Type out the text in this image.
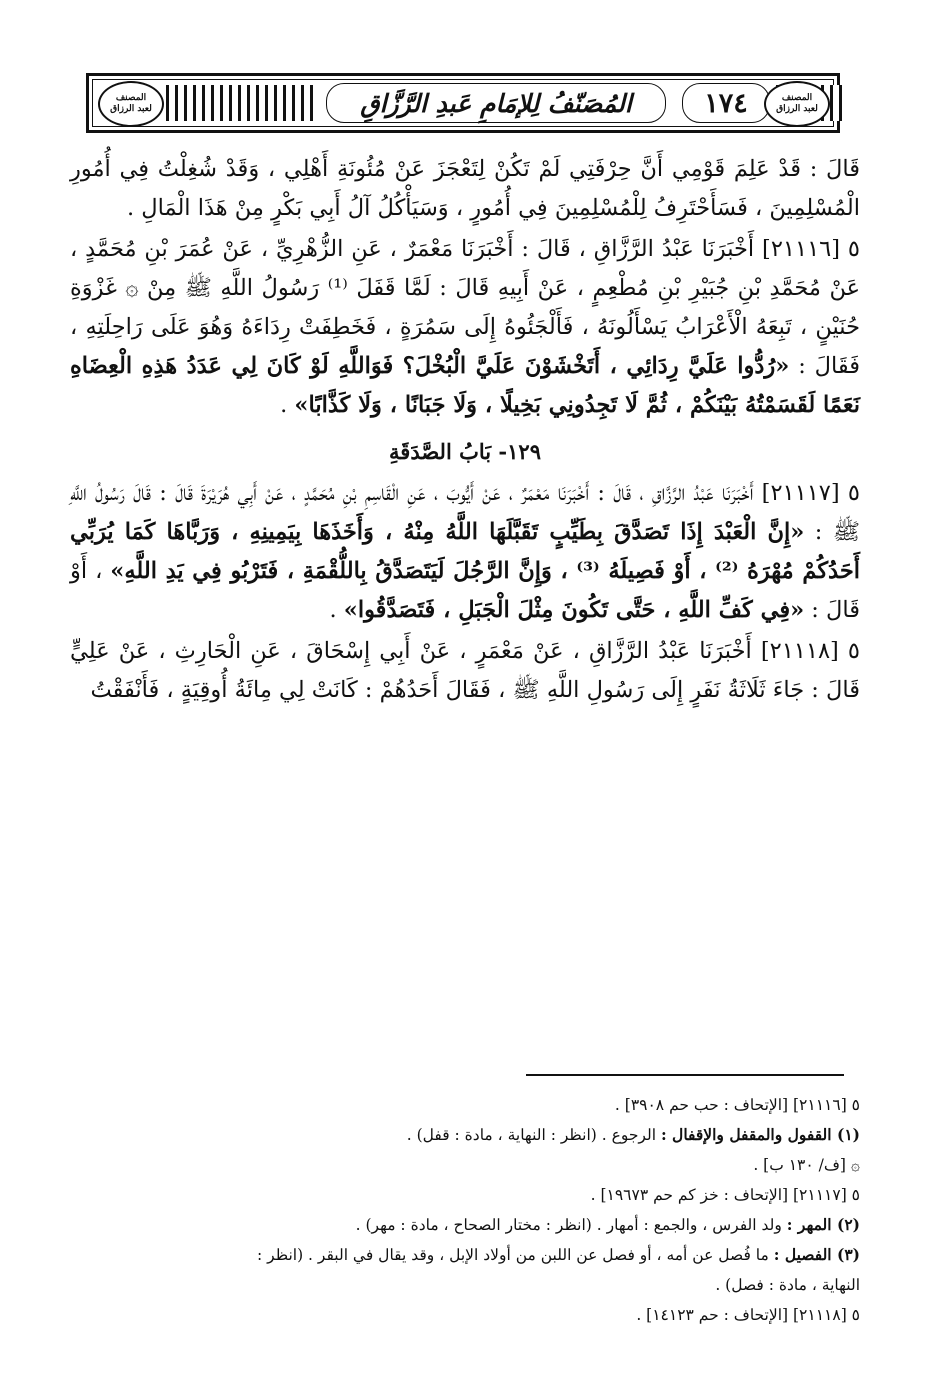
المُصَنّفُ لِلإمَامِ عَبدِ الرَّزَّاقِ	١٧٤
المصنف
لعبد الرزاق
المصنف
لعبد الرزاق

قَالَ : قَدْ عَلِمَ قَوْمِي أَنَّ حِرْفَتِي لَمْ تَكُنْ لِتَعْجَزَ عَنْ مُئُونَةِ أَهْلِي ، وَقَدْ شُغِلْتُ فِي أُمُورِ الْمُسْلِمِينَ ، فَسَأَحْتَرِفُ لِلْمُسْلِمِينَ فِي أُمُورٍ ، وَسَيَأْكُلُ آلُ أَبِي بَكْرٍ مِنْ هَذَا الْمَالِ .

٥ [٢١١١٦] أَخْبَرَنَا عَبْدُ الرَّزَّاقِ ، قَالَ : أَخْبَرَنَا مَعْمَرٌ ، عَنِ الزُّهْرِيِّ ، عَنْ عُمَرَ بْنِ مُحَمَّدٍ ، عَنْ مُحَمَّدِ بْنِ جُبَيْرِ بْنِ مُطْعِمٍ ، عَنْ أَبِيهِ قَالَ : لَمَّا قَفَلَ ⁽¹⁾ رَسُولُ اللَّهِ ﷺ مِنْ ۞ غَزْوَةِ حُنَيْنٍ ، تَبِعَهُ الْأَعْرَابُ يَسْأَلُونَهُ ، فَأَلْجَئُوهُ إِلَى سَمُرَةٍ ، فَخَطِفَتْ رِدَاءَهُ وَهُوَ عَلَى رَاحِلَتِهِ ، فَقَالَ : «رُدُّوا عَلَيَّ رِدَائِي ، أَتَخْشَوْنَ عَلَيَّ الْبُخْلَ؟ فَوَاللَّهِ لَوْ كَانَ لِي عَدَدُ هَذِهِ الْعِضَاهِ نَعَمًا لَقَسَمْتُهُ بَيْنَكُمْ ، ثُمَّ لَا تَجِدُونِي بَخِيلًا ، وَلَا جَبَانًا ، وَلَا كَذَّابًا» .

١٢٩- بَابُ الصَّدَقَةِ

٥ [٢١١١٧] أَخْبَرَنَا عَبْدُ الرَّزَّاقِ ، قَالَ : أَخْبَرَنَا مَعْمَرٌ ، عَنْ أَيُّوبَ ، عَنِ الْقَاسِمِ بْنِ مُحَمَّدٍ ، عَنْ أَبِي هُرَيْرَةَ قَالَ : قَالَ رَسُولُ اللَّهِ ﷺ : «إِنَّ الْعَبْدَ إِذَا تَصَدَّقَ بِطَيِّبٍ تَقَبَّلَهَا اللَّهُ مِنْهُ ، وَأَخَذَهَا بِيَمِينِهِ ، وَرَبَّاهَا كَمَا يُرَبِّي أَحَدُكُمْ مُهْرَهُ ⁽²⁾ ، أَوْ فَصِيلَهُ ⁽³⁾ ، وَإِنَّ الرَّجُلَ لَيَتَصَدَّقُ بِاللُّقْمَةِ ، فَتَرْبُو فِي يَدِ اللَّهِ» ، أَوْ قَالَ : «فِي كَفِّ اللَّهِ ، حَتَّى تَكُونَ مِثْلَ الْجَبَلِ ، فَتَصَدَّقُوا» .

٥ [٢١١١٨] أَخْبَرَنَا عَبْدُ الرَّزَّاقِ ، عَنْ مَعْمَرٍ ، عَنْ أَبِي إِسْحَاقَ ، عَنِ الْحَارِثِ ، عَنْ عَلِيٍّ قَالَ : جَاءَ ثَلَاثَةُ نَفَرٍ إِلَى رَسُولِ اللَّهِ ﷺ ، فَقَالَ أَحَدُهُمْ : كَانَتْ لِي مِائَةُ أُوقِيَةٍ ، فَأَنْفَقْتُ

٥ [٢١١١٦] [الإتحاف : حب حم ٣٩٠٨] .

(١) القفول والمقفل والإقفال : الرجوع . (انظر : النهاية ، مادة : قفل) .

۞ [ف/ ١٣٠ ب] .

٥ [٢١١١٧] [الإتحاف : خز كم حم ١٩٦٧٣] .

(٢) المهر : ولد الفرس ، والجمع : أمهار . (انظر : مختار الصحاح ، مادة : مهر) .

(٣) الفصيل : ما فُصل عن أمه ، أو فصل عن اللبن من أولاد الإبل ، وقد يقال في البقر . (انظر :

النهاية ، مادة : فصل) .

٥ [٢١١١٨] [الإتحاف : حم ١٤١٢٣] .
